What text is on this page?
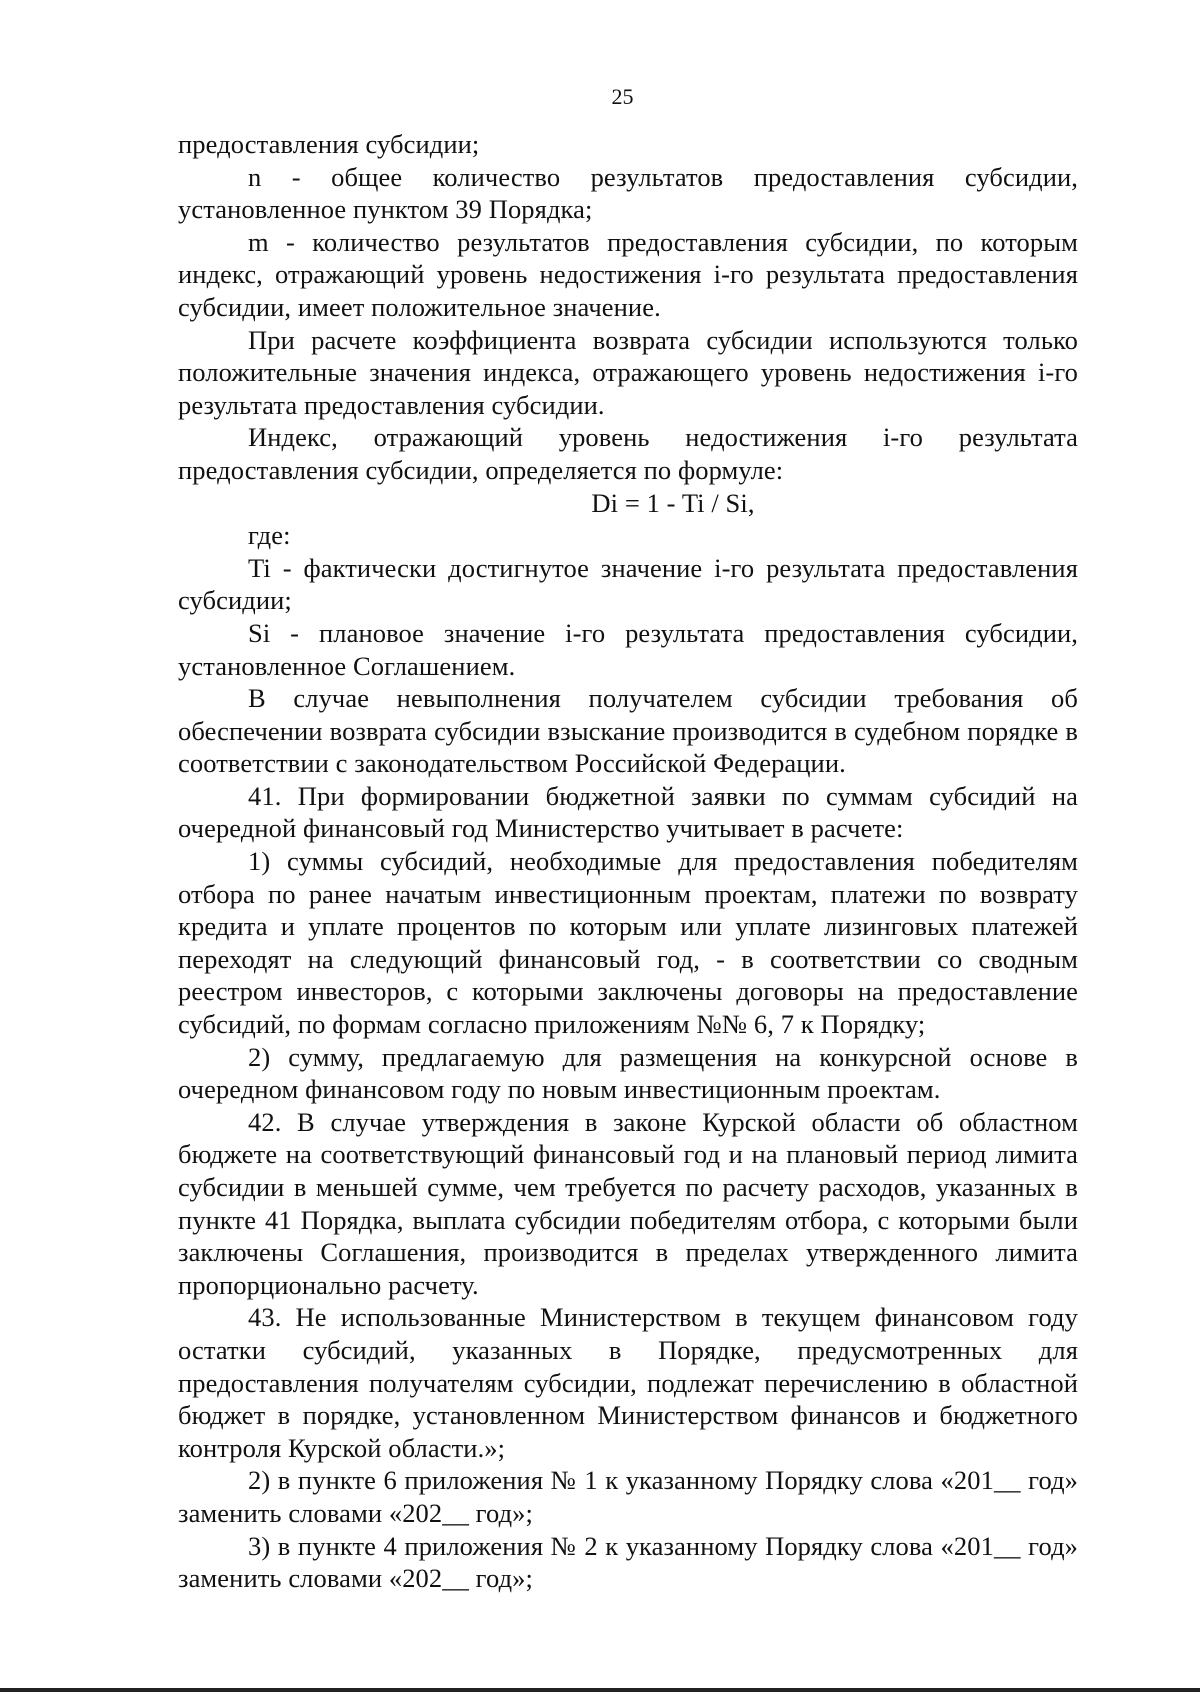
25

предоставления субсидии;

n - общее количество результатов предоставления субсидии, установленное пунктом 39 Порядка;

m - количество результатов предоставления субсидии, по которым индекс, отражающий уровень недостижения i-го результата предоставления субсидии, имеет положительное значение.

При расчете коэффициента возврата субсидии используются только положительные значения индекса, отражающего уровень недостижения i-го результата предоставления субсидии.

Индекс, отражающий уровень недостижения i-го результата предоставления субсидии, определяется по формуле:

Di = 1 - Ti / Si,

где:

Ti - фактически достигнутое значение i-го результата предоставления субсидии;

Si - плановое значение i-го результата предоставления субсидии, установленное Соглашением.

В случае невыполнения получателем субсидии требования об обеспечении возврата субсидии взыскание производится в судебном порядке в соответствии с законодательством Российской Федерации.

41. При формировании бюджетной заявки по суммам субсидий на очередной финансовый год Министерство учитывает в расчете:

1) суммы субсидий, необходимые для предоставления победителям отбора по ранее начатым инвестиционным проектам, платежи по возврату кредита и уплате процентов по которым или уплате лизинговых платежей переходят на следующий финансовый год, - в соответствии со сводным реестром инвесторов, с которыми заключены договоры на предоставление субсидий, по формам согласно приложениям №№ 6, 7 к Порядку;

2) сумму, предлагаемую для размещения на конкурсной основе в очередном финансовом году по новым инвестиционным проектам.

42. В случае утверждения в законе Курской области об областном бюджете на соответствующий финансовый год и на плановый период лимита субсидии в меньшей сумме, чем требуется по расчету расходов, указанных в пункте 41 Порядка, выплата субсидии победителям отбора, с которыми были заключены Соглашения, производится в пределах утвержденного лимита пропорционально расчету.

43. Не использованные Министерством в текущем финансовом году остатки субсидий, указанных в Порядке, предусмотренных для предоставления получателям субсидии, подлежат перечислению в областной бюджет в порядке, установленном Министерством финансов и бюджетного контроля Курской области.»;

2) в пункте 6 приложения № 1 к указанному Порядку слова «201__ год» заменить словами «202__ год»;

3) в пункте 4 приложения № 2 к указанному Порядку слова «201__ год» заменить словами «202__ год»;
